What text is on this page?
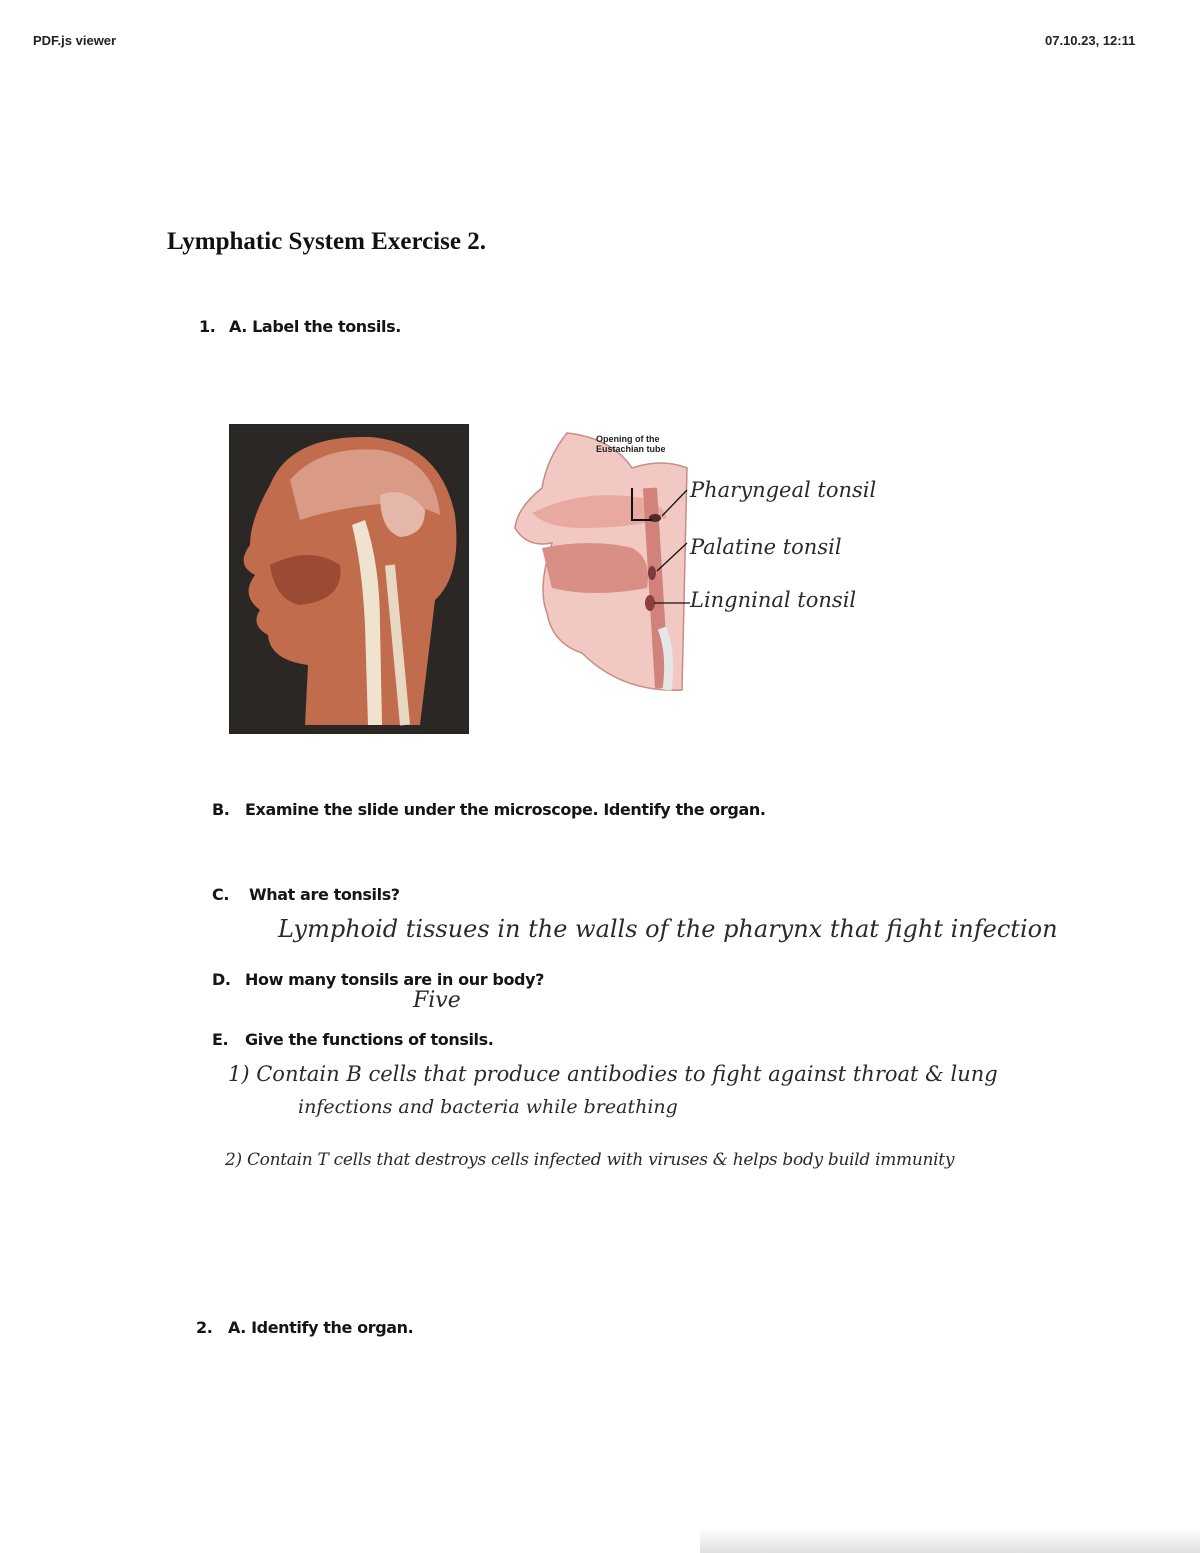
PDF.js viewer	07.10.23, 12:11
Lymphatic System Exercise 2.
1. A. Label the tonsils.
Opening of the
Eustachian tube
Pharyngeal tonsil
Palatine tonsil
Lingninal tonsil
B. Examine the slide under the microscope. Identify the organ.
C. What are tonsils?
Lymphoid tissues in the walls of the pharynx that fight infection
D. How many tonsils are in our body?
Five
E. Give the functions of tonsils.
1) Contain B cells that produce antibodies to fight against throat & lung
infections and bacteria while breathing
2) Contain T cells that destroys cells infected with viruses & helps body build immunity
2. A. Identify the organ.
